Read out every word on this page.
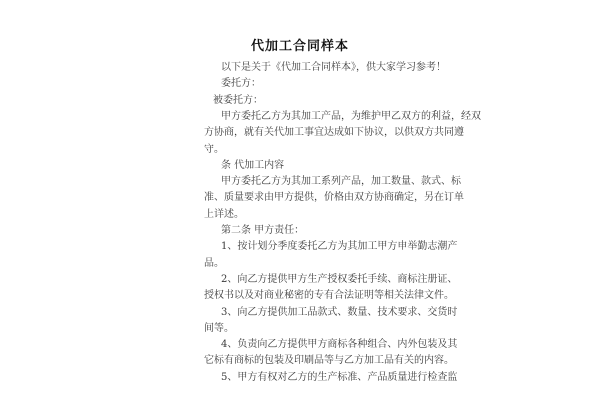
代加工合同样本
以下是关于《代加工合同样本》，供大家学习参考！
委托方：
被委托方：
甲方委托乙方为其加工产品，为维护甲乙双方的利益，经双
方协商，就有关代加工事宜达成如下协议，以供双方共同遵
守。
条 代加工内容
甲方委托乙方为其加工系列产品，加工数量、款式、标
准、质量要求由甲方提供，价格由双方协商确定，另在订单
上详述。
第二条 甲方责任：
1、按计划分季度委托乙方为其加工甲方申举勤志潮产
品。
2、向乙方提供甲方生产授权委托手续、商标注册证、
授权书以及对商业秘密的专有合法证明等相关法律文件。
3、向乙方提供加工品款式、数量、技术要求、交货时
间等。
4、负责向乙方提供甲方商标各种组合、内外包装及其
它标有商标的包装及印刷品等与乙方加工品有关的内容。
5、甲方有权对乙方的生产标准、产品质量进行检查监
